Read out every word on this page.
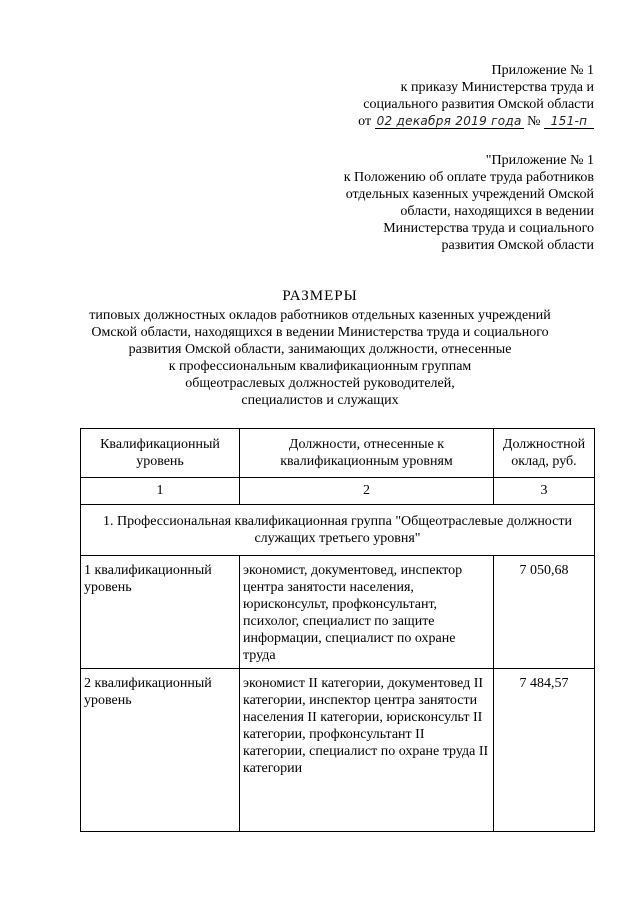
Приложение № 1
к приказу Министерства труда и
социального развития Омской области
от 02 декабря 2019 года № 151-п
"Приложение № 1
к Положению об оплате труда работников
отдельных казенных учреждений Омской
области, находящихся в ведении
Министерства труда и социального
развития Омской области
РАЗМЕРЫ
типовых должностных окладов работников отдельных казенных учреждений
Омской области, находящихся в ведении Министерства труда и социального
развития Омской области, занимающих должности, отнесенные
к профессиональным квалификационным группам
общеотраслевых должностей руководителей,
специалистов и служащих
Квалификационный уровень	Должности, отнесенные к квалификационным уровням	Должностной оклад, руб.
1	2	3
1. Профессиональная квалификационная группа "Общеотраслевые должности служащих третьего уровня"		
1 квалификационный уровень	экономист, документовед, инспектор центра занятости населения, юрисконсульт, профконсультант, психолог, специалист по защите информации, специалист по охране труда	7 050,68
2 квалификационный уровень	экономист II категории, документовед II категории, инспектор центра занятости населения II категории, юрисконсульт II категории, профконсультант II категории, специалист по охране труда II категории	7 484,57
